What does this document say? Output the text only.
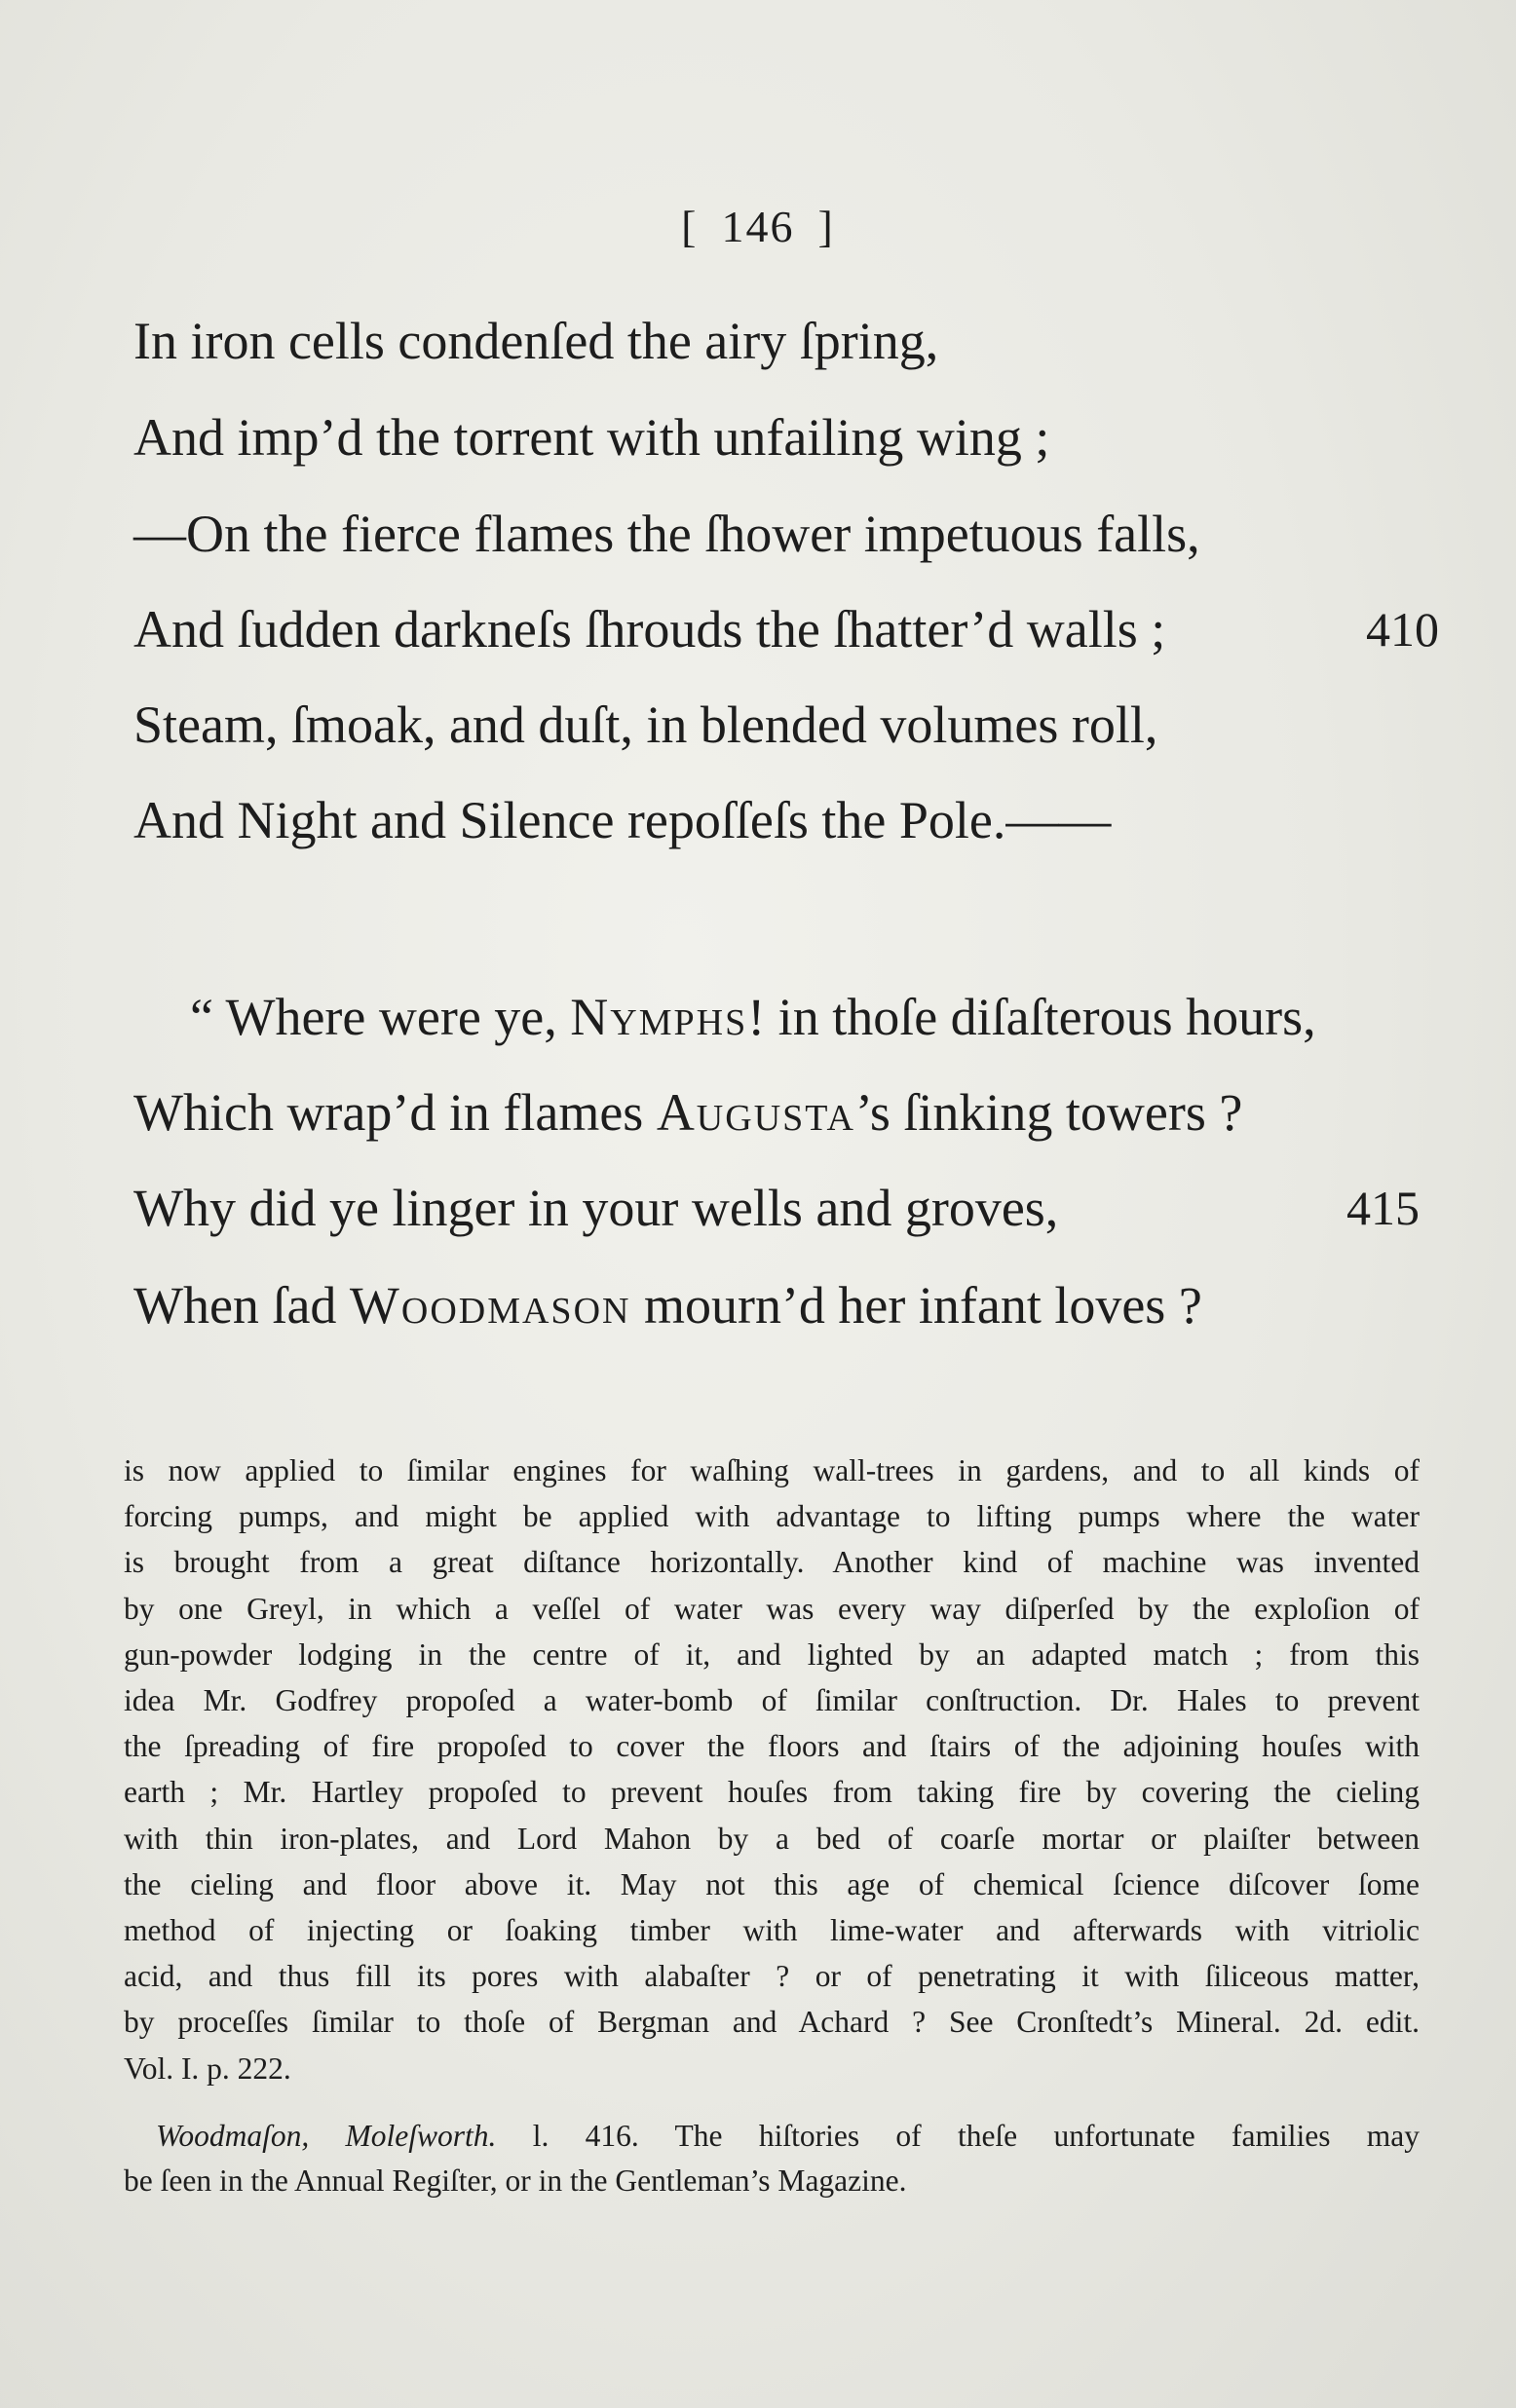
[ 146 ]
In iron cells condenſed the airy ſpring,
And imp’d the torrent with unfailing wing ;
—On the fierce flames the ſhower impetuous falls,
And ſudden darkneſs ſhrouds the ſhatter’d walls ;	410
Steam, ſmoak, and duſt, in blended volumes roll,
And Night and Silence repoſſeſs the Pole.——
“ Where were ye, Nymphs! in thoſe diſaſterous hours,
Which wrap’d in flames Augusta’s ſinking towers ?
Why did ye linger in your wells and groves,	415
When ſad Woodmason mourn’d her infant loves ?
is now applied to ſimilar engines for waſhing wall-trees in gardens, and to all kinds of
forcing pumps, and might be applied with advantage to lifting pumps where the water
is brought from a great diſtance horizontally. Another kind of machine was invented
by one Greyl, in which a veſſel of water was every way diſperſed by the exploſion of
gun-powder lodging in the centre of it, and lighted by an adapted match ; from this
idea Mr. Godfrey propoſed a water-bomb of ſimilar conſtruction. Dr. Hales to prevent
the ſpreading of fire propoſed to cover the floors and ſtairs of the adjoining houſes with
earth ; Mr. Hartley propoſed to prevent houſes from taking fire by covering the cieling
with thin iron-plates, and Lord Mahon by a bed of coarſe mortar or plaiſter between
the cieling and floor above it. May not this age of chemical ſcience diſcover ſome
method of injecting or ſoaking timber with lime-water and afterwards with vitriolic
acid, and thus fill its pores with alabaſter ? or of penetrating it with ſiliceous matter,
by proceſſes ſimilar to thoſe of Bergman and Achard ? See Cronſtedt’s Mineral. 2d. edit.
Vol. I. p. 222.
Woodmaſon, Moleſworth. l. 416. The hiſtories of theſe unfortunate families may
be ſeen in the Annual Regiſter, or in the Gentleman’s Magazine.
